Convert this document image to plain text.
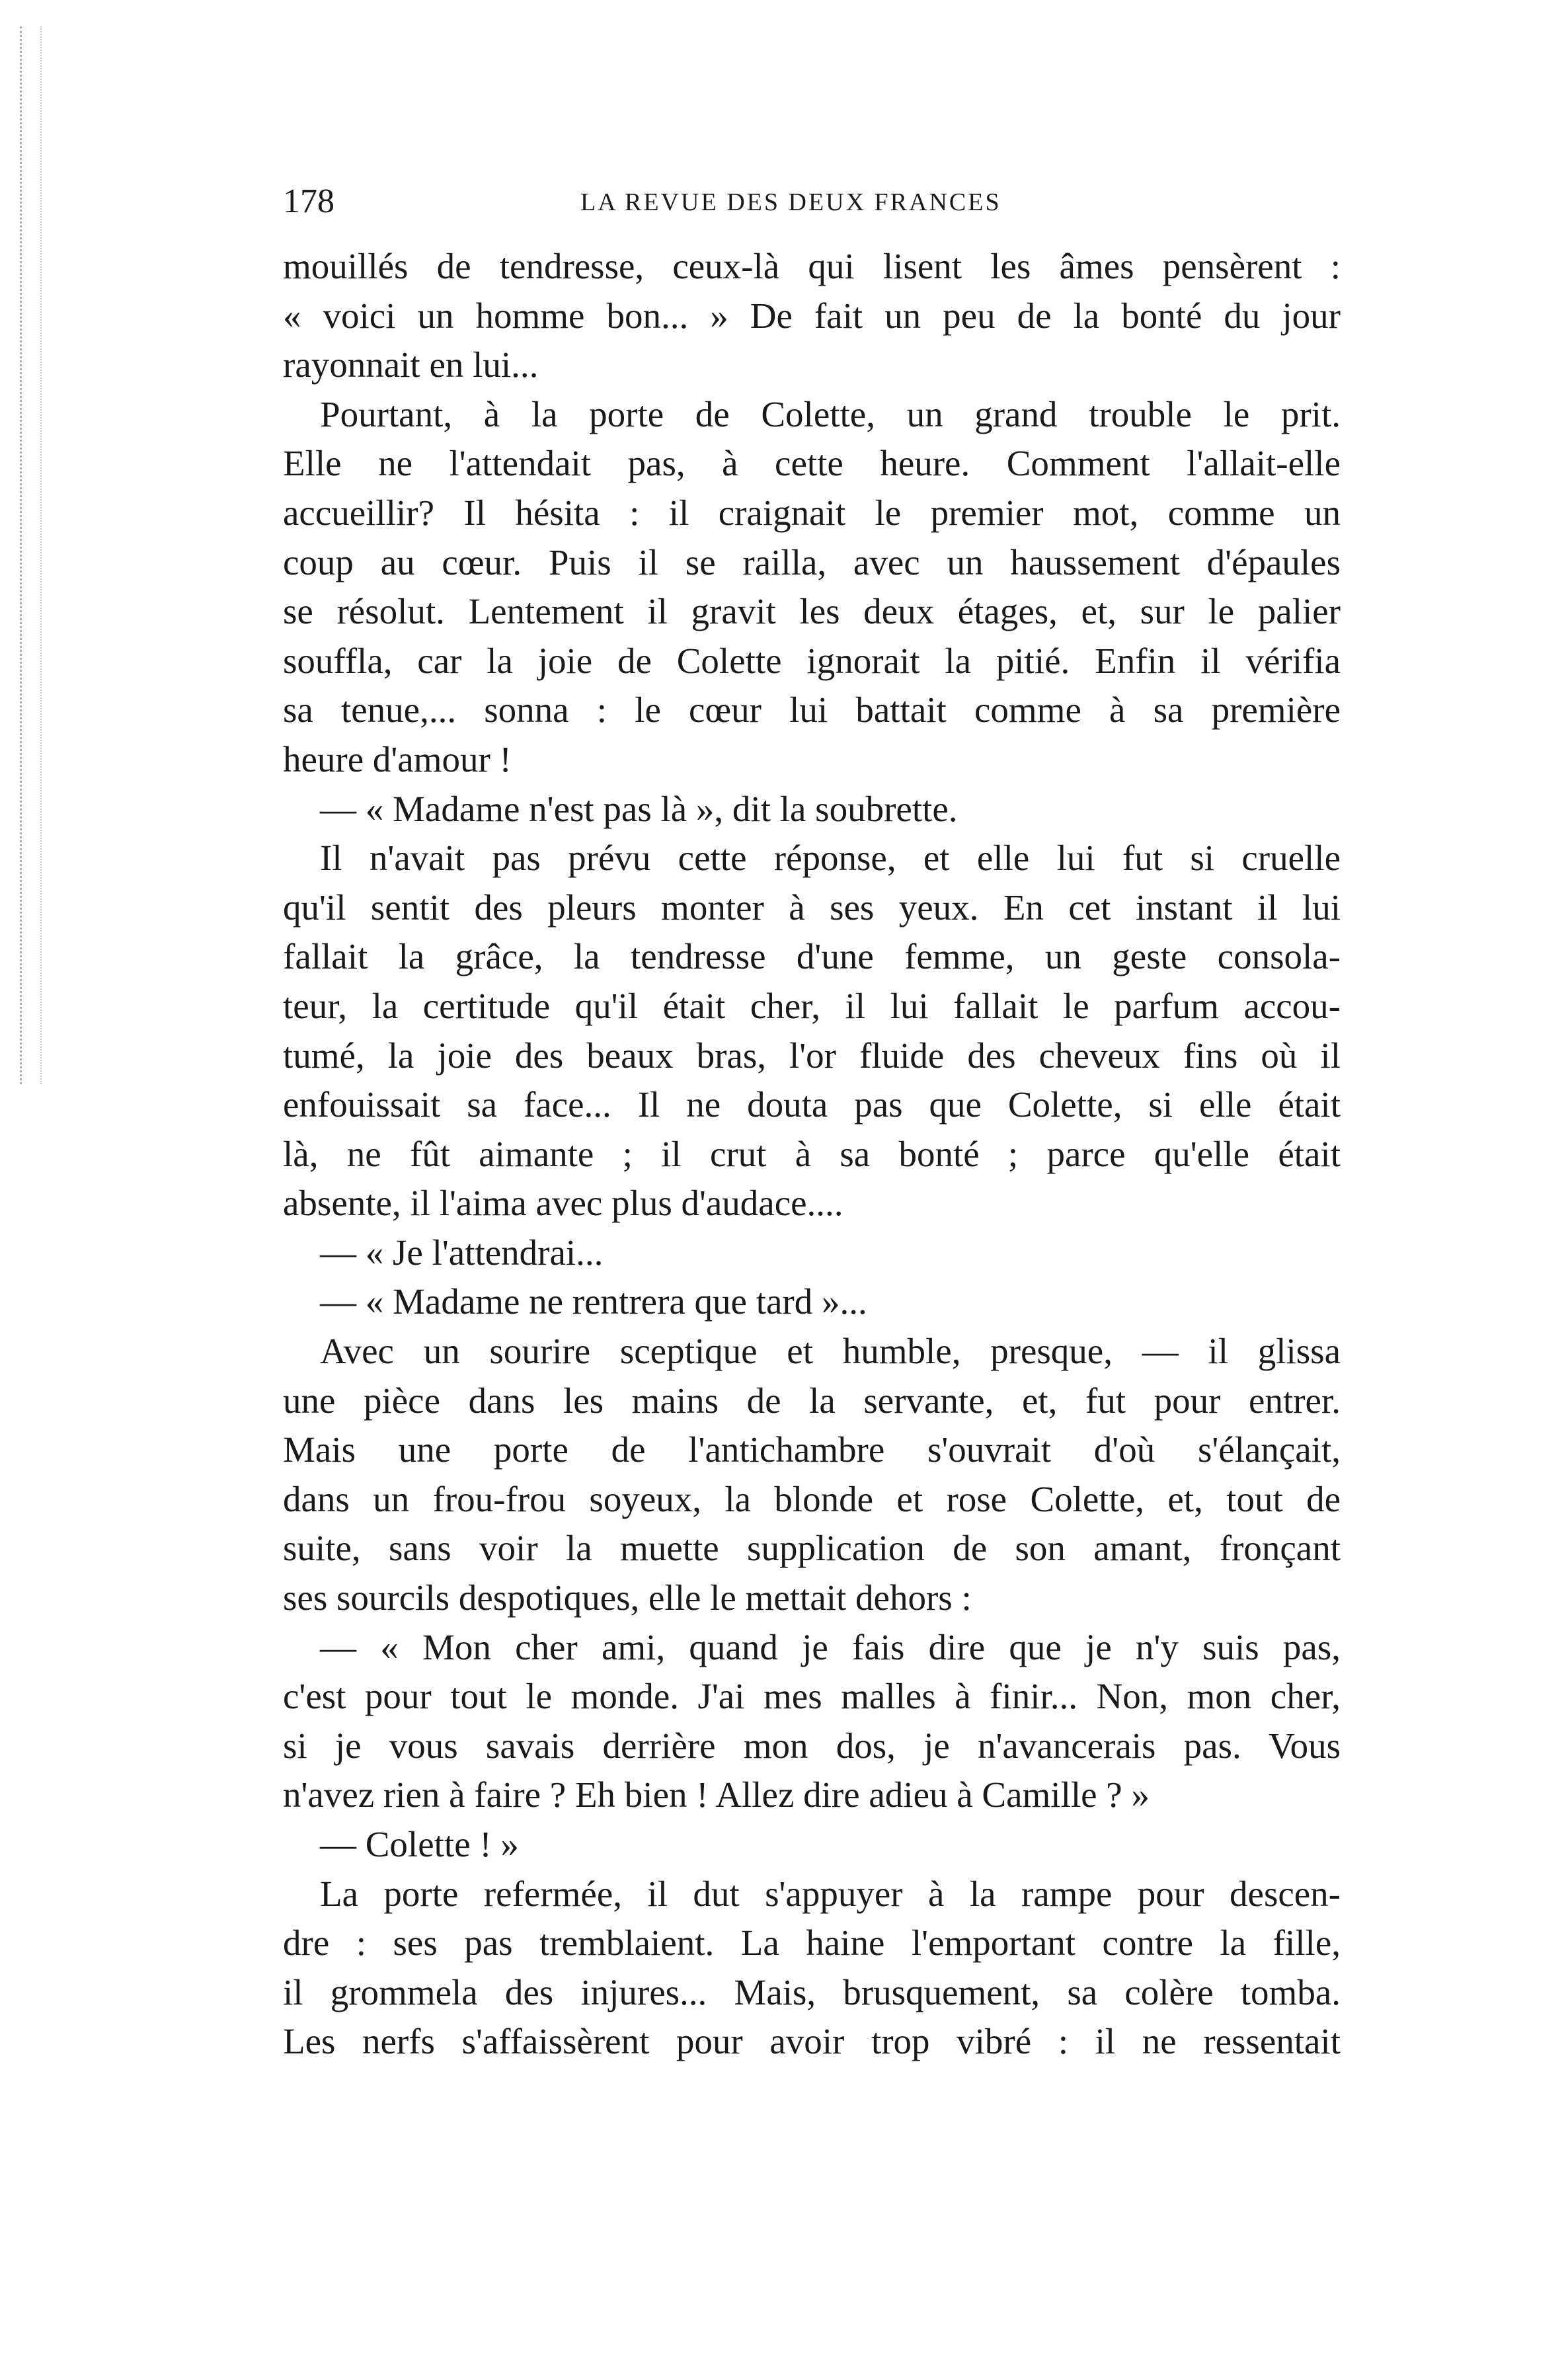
178	LA REVUE DES DEUX FRANCES
mouillés de tendresse, ceux-là qui lisent les âmes pensèrent :
« voici un homme bon... » De fait un peu de la bonté du jour
rayonnait en lui...
Pourtant, à la porte de Colette, un grand trouble le prit.
Elle ne l'attendait pas, à cette heure. Comment l'allait-elle
accueillir? Il hésita : il craignait le premier mot, comme un
coup au cœur. Puis il se railla, avec un haussement d'épaules
se résolut. Lentement il gravit les deux étages, et, sur le palier
souffla, car la joie de Colette ignorait la pitié. Enfin il vérifia
sa tenue,... sonna : le cœur lui battait comme à sa première
heure d'amour !
— « Madame n'est pas là », dit la soubrette.
Il n'avait pas prévu cette réponse, et elle lui fut si cruelle
qu'il sentit des pleurs monter à ses yeux. En cet instant il lui
fallait la grâce, la tendresse d'une femme, un geste consola-
teur, la certitude qu'il était cher, il lui fallait le parfum accou-
tumé, la joie des beaux bras, l'or fluide des cheveux fins où il
enfouissait sa face... Il ne douta pas que Colette, si elle était
là, ne fût aimante ; il crut à sa bonté ; parce qu'elle était
absente, il l'aima avec plus d'audace....
— « Je l'attendrai...
— « Madame ne rentrera que tard »...
Avec un sourire sceptique et humble, presque, — il glissa
une pièce dans les mains de la servante, et, fut pour entrer.
Mais une porte de l'antichambre s'ouvrait d'où s'élançait,
dans un frou-frou soyeux, la blonde et rose Colette, et, tout de
suite, sans voir la muette supplication de son amant, fronçant
ses sourcils despotiques, elle le mettait dehors :
— « Mon cher ami, quand je fais dire que je n'y suis pas,
c'est pour tout le monde. J'ai mes malles à finir... Non, mon cher,
si je vous savais derrière mon dos, je n'avancerais pas. Vous
n'avez rien à faire ? Eh bien ! Allez dire adieu à Camille ? »
— Colette ! »
La porte refermée, il dut s'appuyer à la rampe pour descen-
dre : ses pas tremblaient. La haine l'emportant contre la fille,
il grommela des injures... Mais, brusquement, sa colère tomba.
Les nerfs s'affaissèrent pour avoir trop vibré : il ne ressentait
